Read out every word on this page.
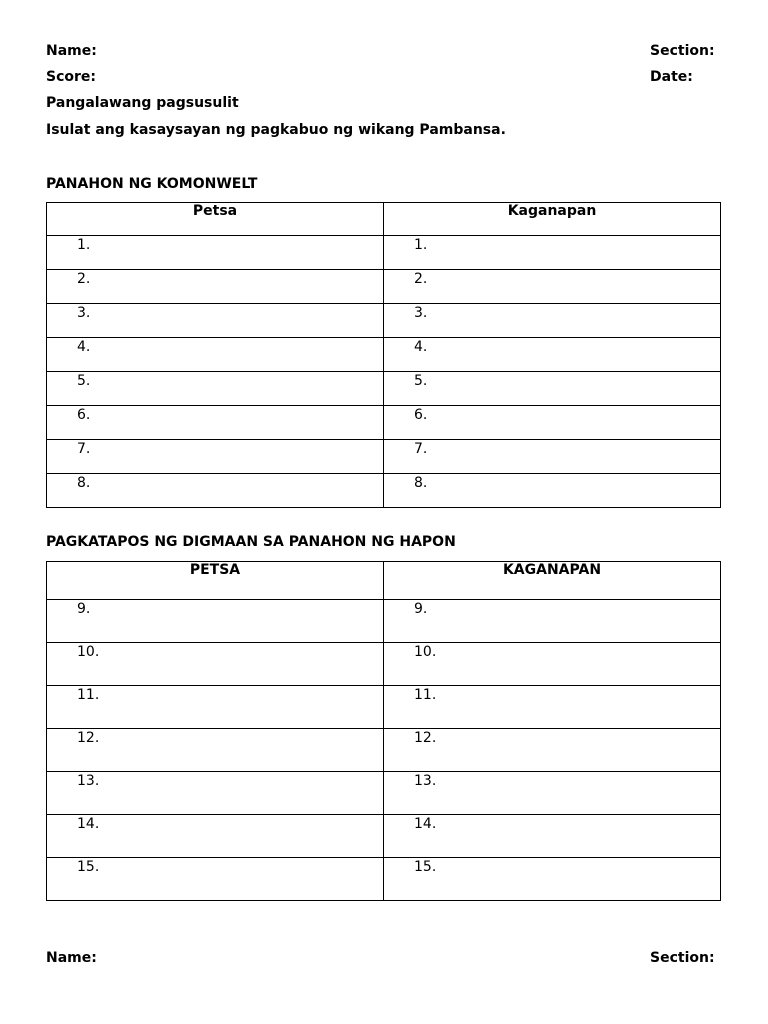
Name:	Section:
Score:	Date:
Pangalawang pagsusulit
Isulat ang kasaysayan ng pagkabuo ng wikang Pambansa.
PANAHON NG KOMONWELT
Petsa	Kaganapan

1.	1.

2.	2.

3.	3.

4.	4.

5.	5.

6.	6.

7.	7.

8.	8.
PAGKATAPOS NG DIGMAAN SA PANAHON NG HAPON
PETSA	KAGANAPAN

9.	9.

10.	10.

11.	11.

12.	12.

13.	13.

14.	14.

15.	15.
Name:	Section:
